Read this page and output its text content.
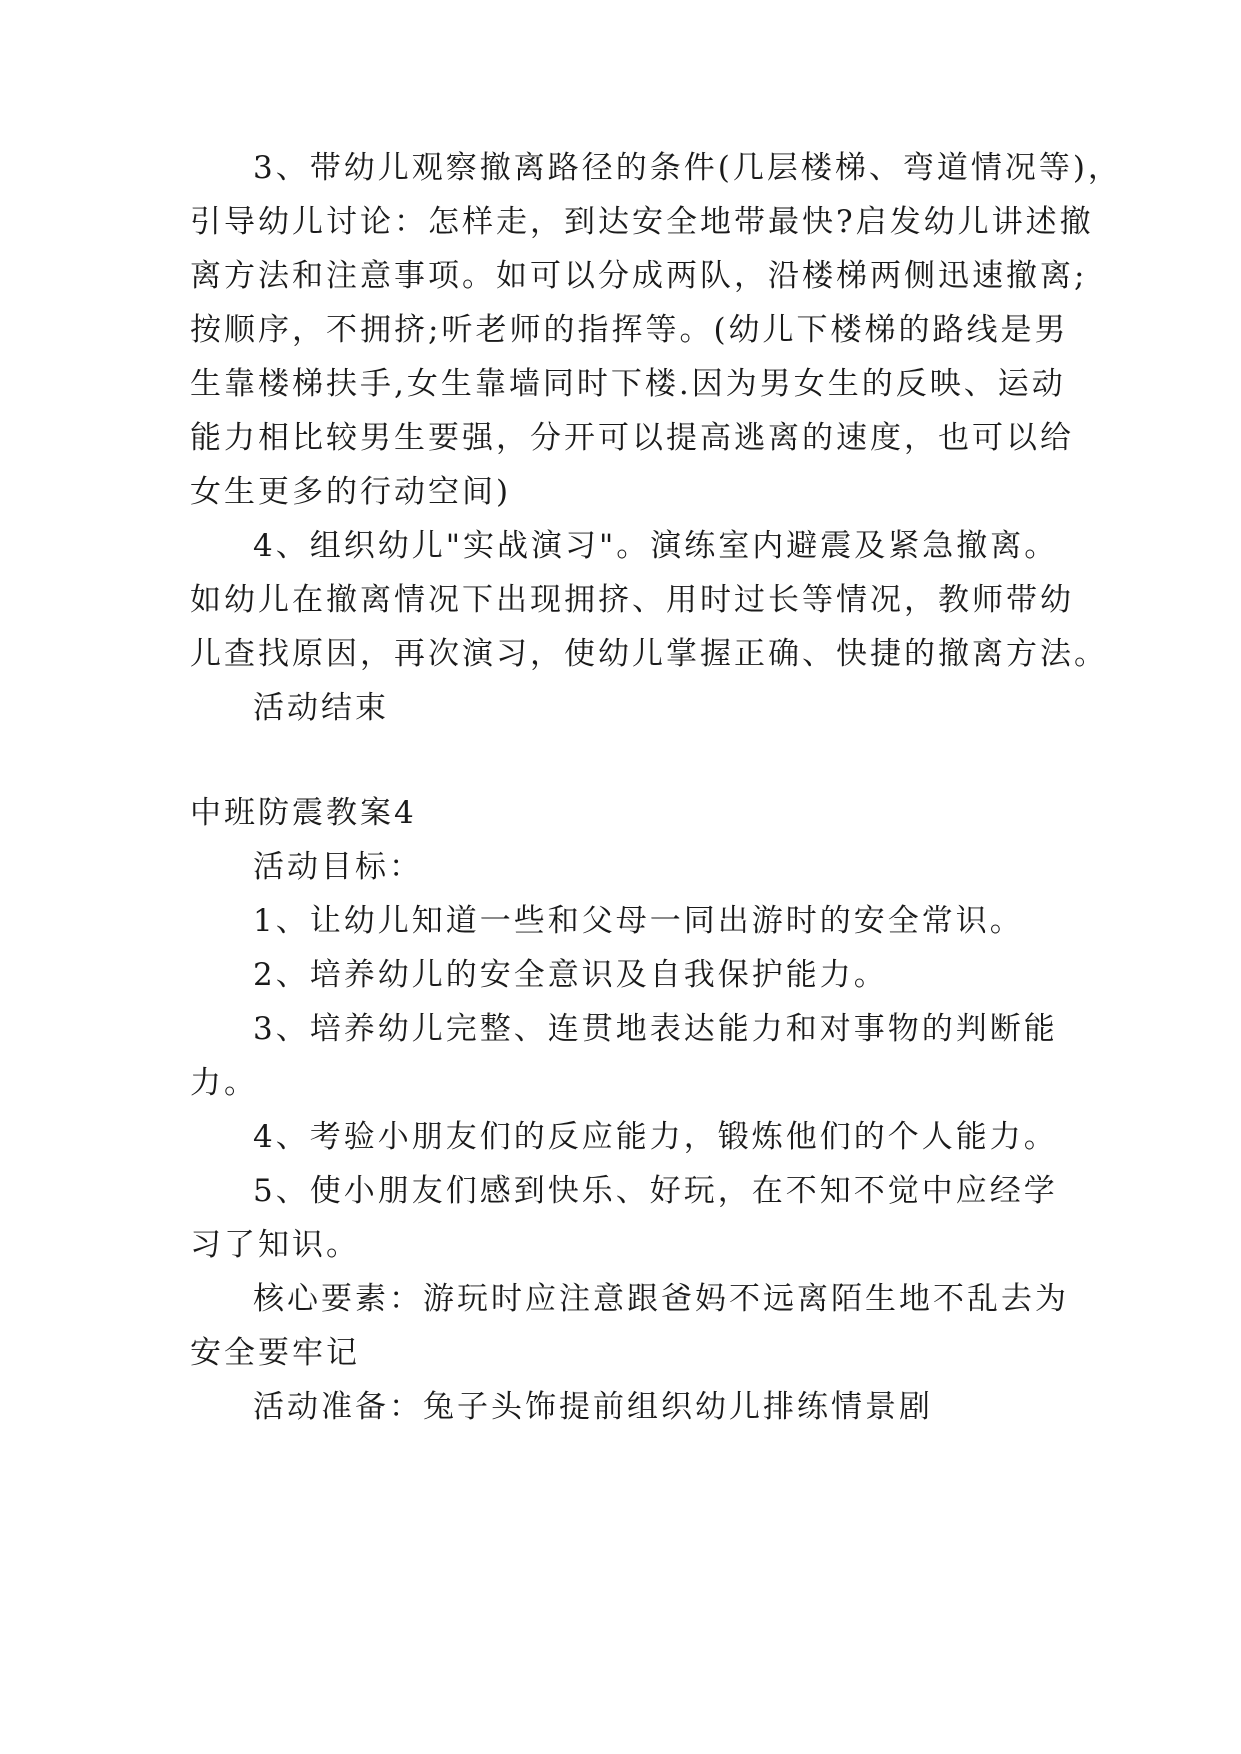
3、带幼儿观察撤离路径的条件(几层楼梯、弯道情况等)，
引导幼儿讨论：怎样走，到达安全地带最快?启发幼儿讲述撤
离方法和注意事项。如可以分成两队，沿楼梯两侧迅速撤离;
按顺序，不拥挤;听老师的指挥等。(幼儿下楼梯的路线是男
生靠楼梯扶手,女生靠墙同时下楼.因为男女生的反映、运动
能力相比较男生要强，分开可以提高逃离的速度，也可以给
女生更多的行动空间)
4、组织幼儿"实战演习"。演练室内避震及紧急撤离。
如幼儿在撤离情况下出现拥挤、用时过长等情况，教师带幼
儿查找原因，再次演习，使幼儿掌握正确、快捷的撤离方法。
活动结束
中班防震教案4
活动目标：
1、让幼儿知道一些和父母一同出游时的安全常识。
2、培养幼儿的安全意识及自我保护能力。
3、培养幼儿完整、连贯地表达能力和对事物的判断能
力。
4、考验小朋友们的反应能力，锻炼他们的个人能力。
5、使小朋友们感到快乐、好玩，在不知不觉中应经学
习了知识。
核心要素：游玩时应注意跟爸妈不远离陌生地不乱去为
安全要牢记
活动准备：兔子头饰提前组织幼儿排练情景剧
